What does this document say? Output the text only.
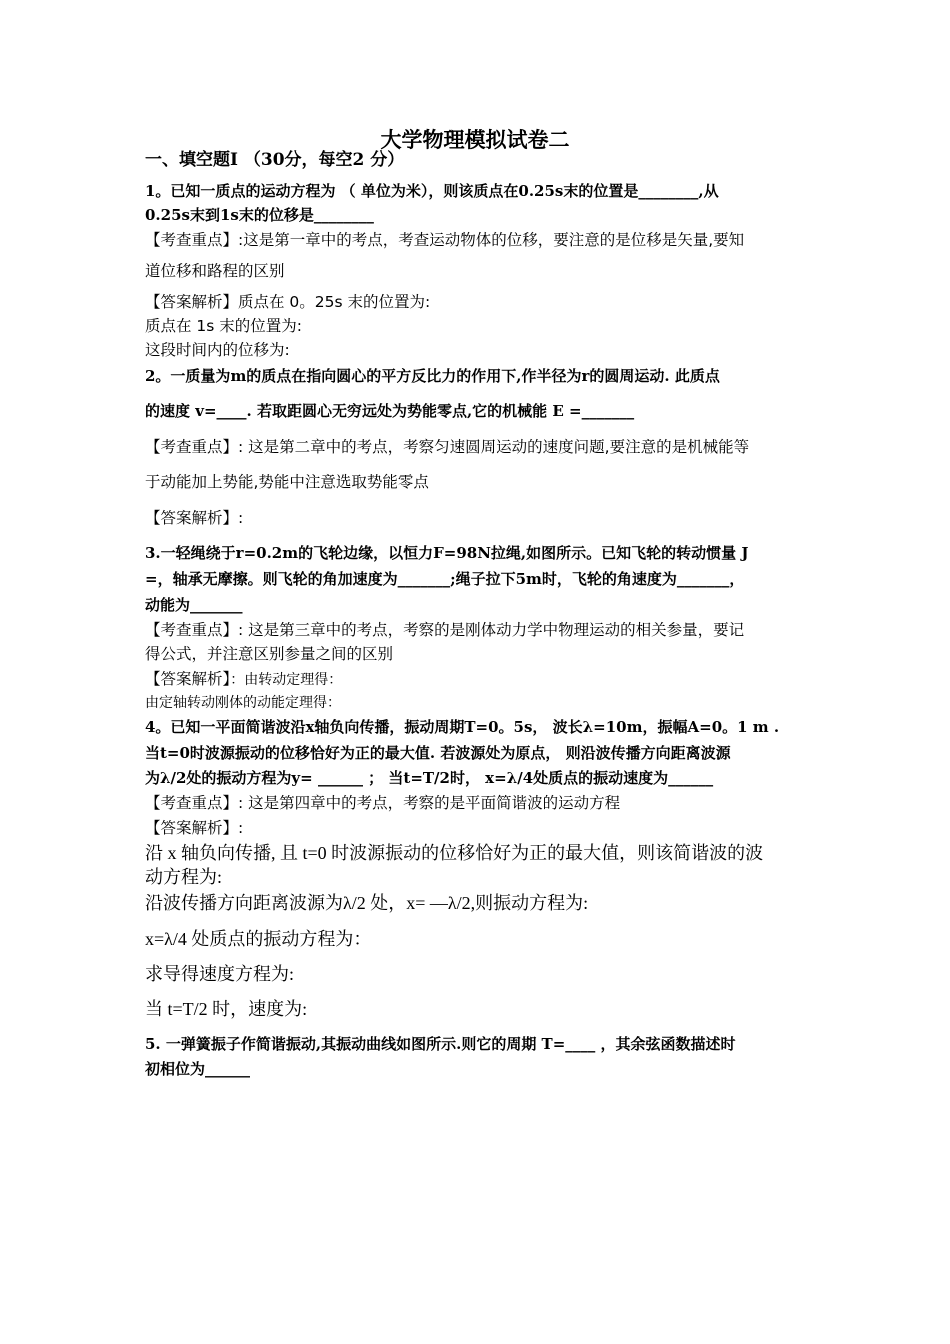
大学物理模拟试卷二
一、填空题Ⅰ （30分，每空2 分）
1。已知一质点的运动方程为 （ 单位为米），则该质点在0.25s末的位置是________,从
0.25s末到1s末的位移是________
【考查重点】:这是第一章中的考点，考查运动物体的位移，要注意的是位移是矢量,要知
道位移和路程的区别
【答案解析】质点在 0。25s 末的位置为:
质点在 1s 末的位置为:
这段时间内的位移为:
2。一质量为m的质点在指向圆心的平方反比力的作用下,作半径为r的圆周运动. 此质点
的速度 v=____. 若取距圆心无穷远处为势能零点,它的机械能 E =_______
【考查重点】: 这是第二章中的考点，考察匀速圆周运动的速度问题,要注意的是机械能等
于动能加上势能,势能中注意选取势能零点
【答案解析】:
3.一轻绳绕于r=0.2m的飞轮边缘，以恒力F=98N拉绳,如图所示。已知飞轮的转动惯量 J
=，轴承无摩擦。则飞轮的角加速度为_______;绳子拉下5m时，飞轮的角速度为_______，
动能为_______
【考查重点】: 这是第三章中的考点，考察的是刚体动力学中物理运动的相关参量，要记
得公式，并注意区别参量之间的区别
【答案解析】：由转动定理得：
由定轴转动刚体的动能定理得：
4。已知一平面简谐波沿x轴负向传播，振动周期T=0。5s， 波长λ=10m，振幅A=0。1 m .
当t=0时波源振动的位移恰好为正的最大值. 若波源处为原点， 则沿波传播方向距离波源
为λ/2处的振动方程为y= ______ ； 当t=T/2时， x=λ/4处质点的振动速度为______
【考查重点】: 这是第四章中的考点，考察的是平面简谐波的运动方程
【答案解析】:
沿 x 轴负向传播, 且 t=0 时波源振动的位移恰好为正的最大值，则该简谐波的波
动方程为:
沿波传播方向距离波源为λ/2 处，x= —λ/2,则振动方程为:
x=λ/4 处质点的振动方程为：
求导得速度方程为:
当 t=T/2 时，速度为:
5. 一弹簧振子作简谐振动,其振动曲线如图所示.则它的周期 T=____ ，其余弦函数描述时
初相位为______
